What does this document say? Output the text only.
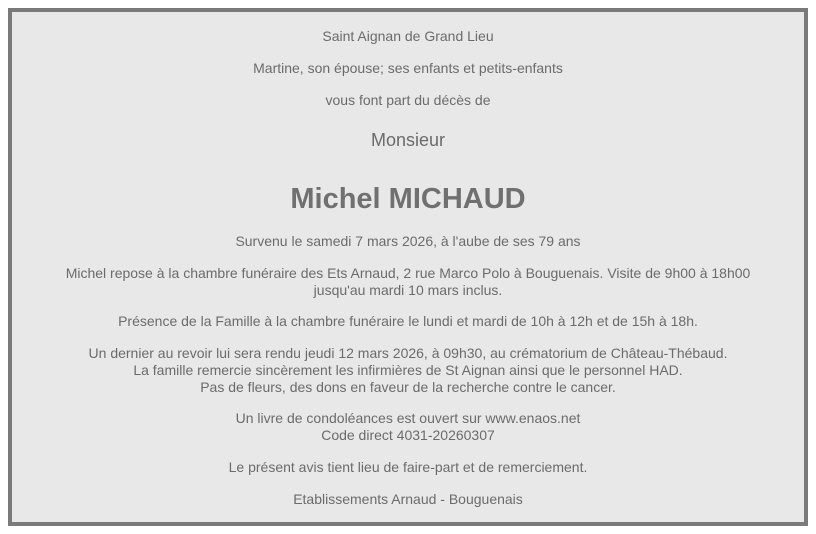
Saint Aignan de Grand Lieu
Martine, son épouse; ses enfants et petits-enfants
vous font part du décès de
Monsieur
Michel MICHAUD
Survenu le samedi 7 mars 2026, à l'aube de ses 79 ans
Michel repose à la chambre funéraire des Ets Arnaud, 2 rue Marco Polo à Bouguenais. Visite de 9h00 à 18h00
jusqu'au mardi 10 mars inclus.
Présence de la Famille à la chambre funéraire le lundi et mardi de 10h à 12h et de 15h à 18h.
Un dernier au revoir lui sera rendu jeudi 12 mars 2026, à 09h30, au crématorium de Château-Thébaud.
La famille remercie sincèrement les infirmières de St Aignan ainsi que le personnel HAD.
Pas de fleurs, des dons en faveur de la recherche contre le cancer.
Un livre de condoléances est ouvert sur www.enaos.net
Code direct 4031-20260307
Le présent avis tient lieu de faire-part et de remerciement.
Etablissements Arnaud - Bouguenais
